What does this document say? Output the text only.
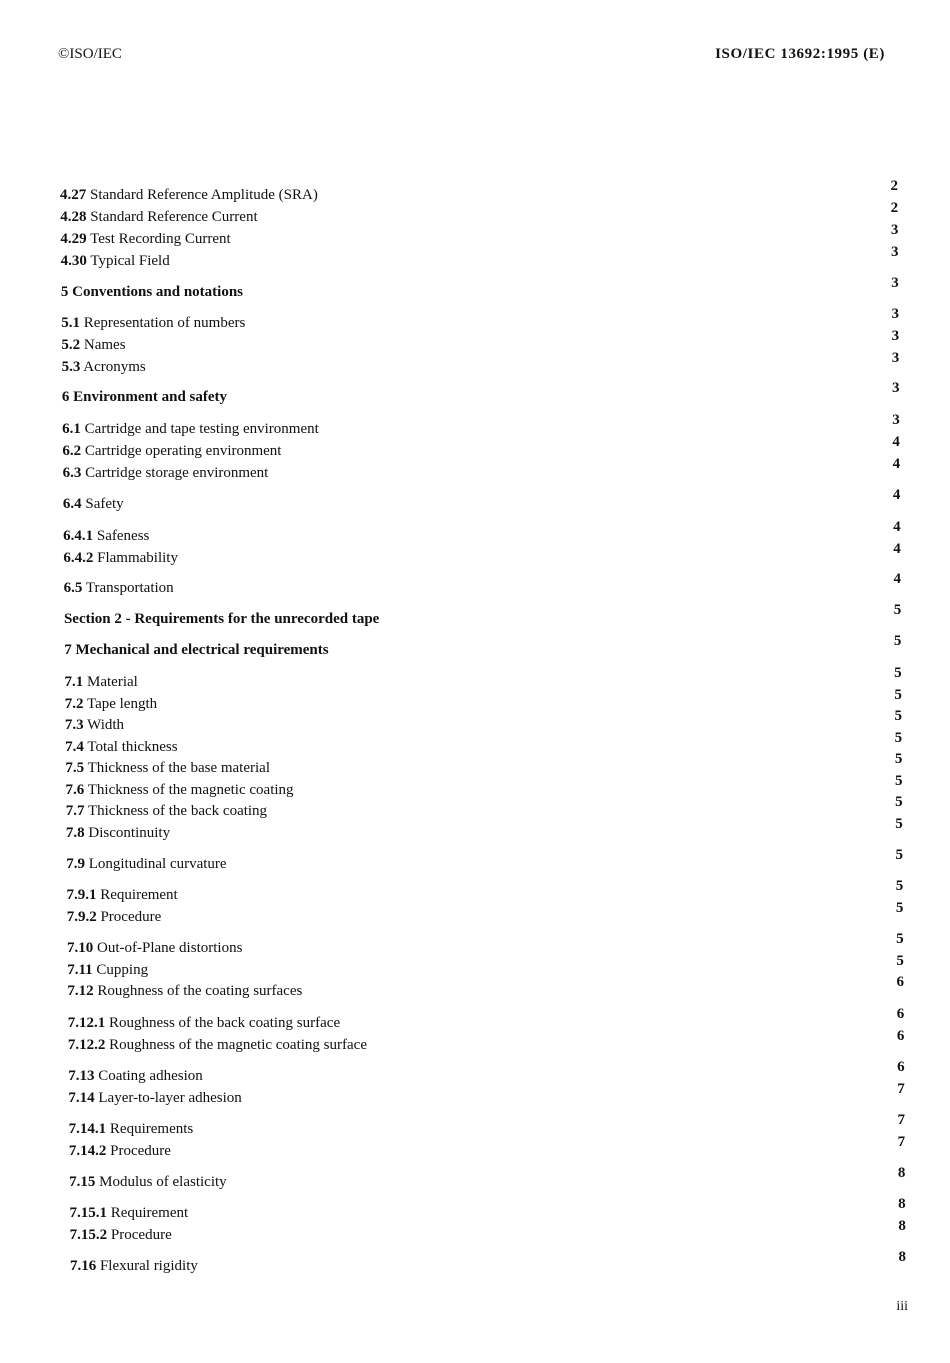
©ISO/IEC	ISO/IEC 13692:1995 (E)
4.27 Standard Reference Amplitude (SRA)
2
4.28 Standard Reference Current
2
4.29 Test Recording Current
3
4.30 Typical Field
3
5 Conventions and notations
3
5.1 Representation of numbers
3
5.2 Names
3
5.3 Acronyms
3
6 Environment and safety
3
6.1 Cartridge and tape testing environment
3
6.2 Cartridge operating environment
4
6.3 Cartridge storage environment
4
6.4 Safety
4
6.4.1 Safeness
4
6.4.2 Flammability
4
6.5 Transportation
4
Section 2 - Requirements for the unrecorded tape
5
7 Mechanical and electrical requirements
5
7.1 Material
5
7.2 Tape length
5
7.3 Width
5
7.4 Total thickness
5
7.5 Thickness of the base material
5
7.6 Thickness of the magnetic coating
5
7.7 Thickness of the back coating
5
7.8 Discontinuity
5
7.9 Longitudinal curvature
5
7.9.1 Requirement
5
7.9.2 Procedure
5
7.10 Out-of-Plane distortions
5
7.11 Cupping
5
7.12 Roughness of the coating surfaces
6
7.12.1 Roughness of the back coating surface
6
7.12.2 Roughness of the magnetic coating surface
6
7.13 Coating adhesion
6
7.14 Layer-to-layer adhesion
7
7.14.1 Requirements
7
7.14.2 Procedure
7
7.15 Modulus of elasticity
8
7.15.1 Requirement
8
7.15.2 Procedure
8
7.16 Flexural rigidity
8
iii
